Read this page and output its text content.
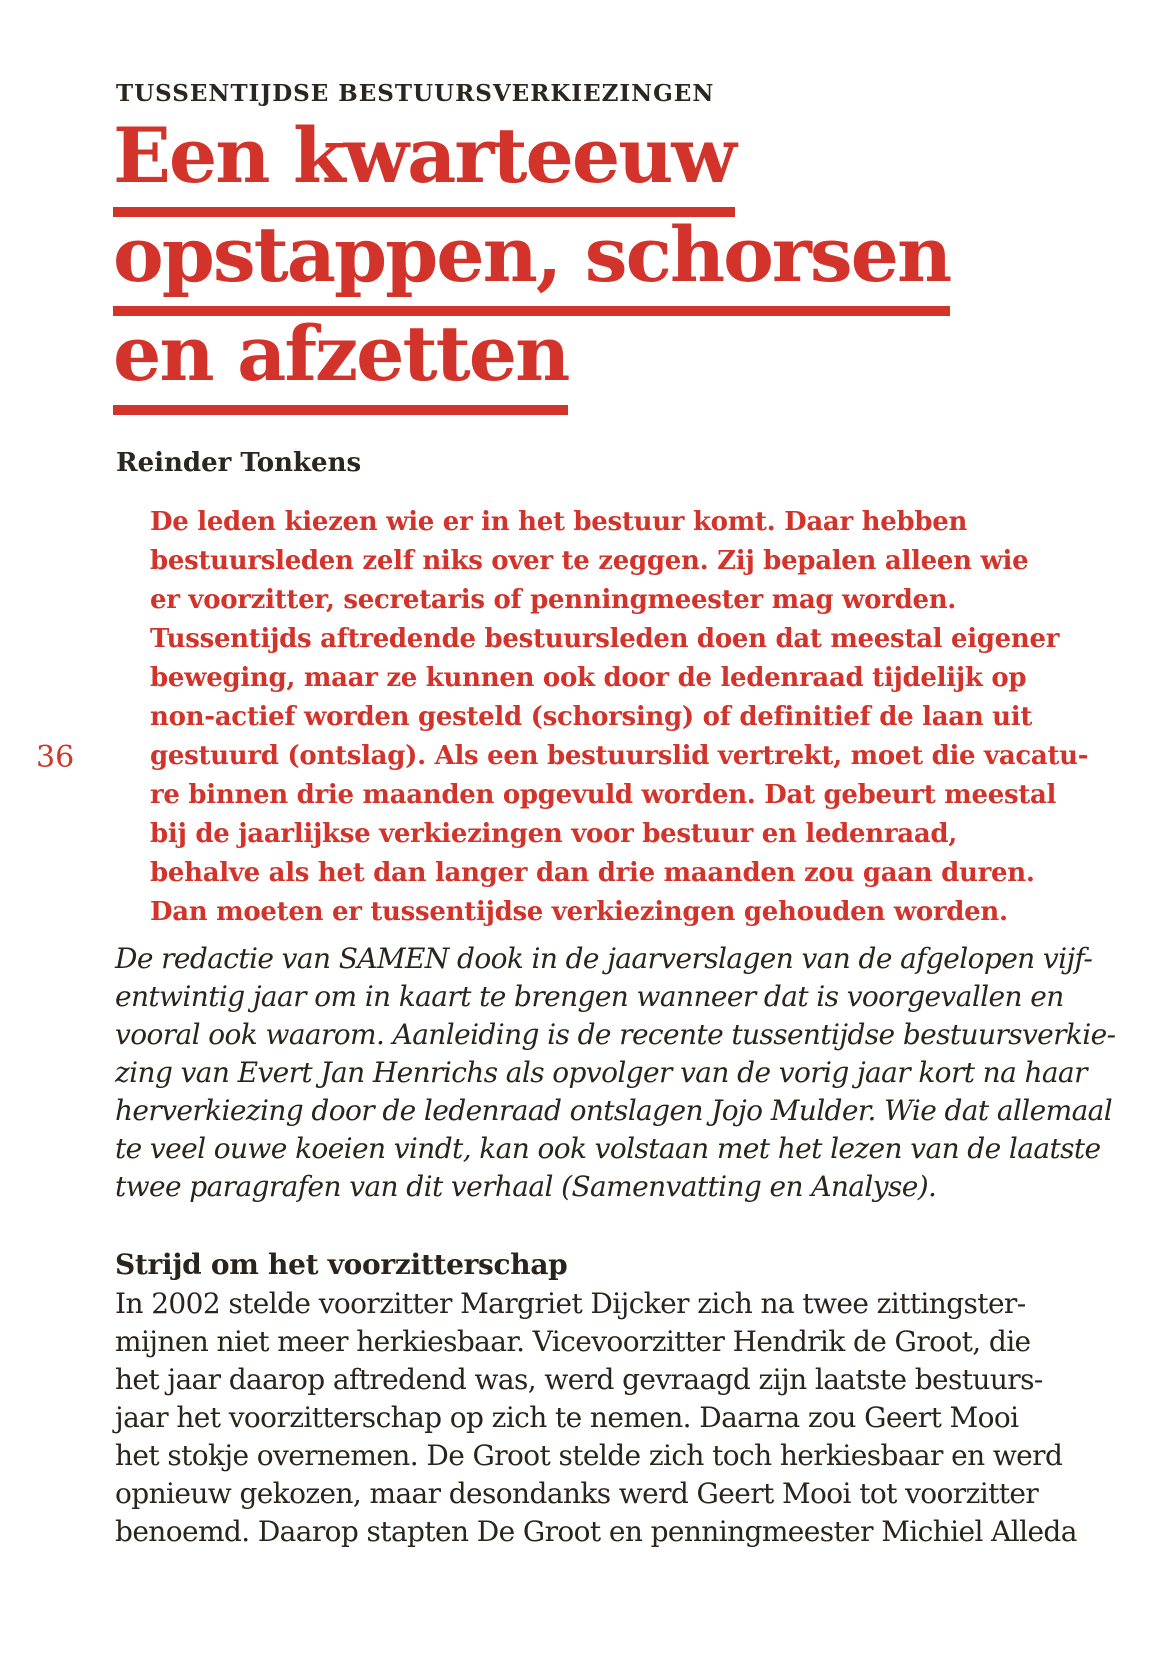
36
TUSSENTIJDSE BESTUURSVERKIEZINGEN
Een kwarteeuw
opstappen, schorsen
en afzetten
Reinder Tonkens
De leden kiezen wie er in het bestuur komt. Daar hebben
bestuursleden zelf niks over te zeggen. Zij bepalen alleen wie
er voorzitter, secretaris of penningmeester mag worden.
Tussentijds aftredende bestuursleden doen dat meestal eigener
beweging, maar ze kunnen ook door de ledenraad tijdelijk op
non-actief worden gesteld (schorsing) of definitief de laan uit
gestuurd (ontslag). Als een bestuurslid vertrekt, moet die vacatu-
re binnen drie maanden opgevuld worden. Dat gebeurt meestal
bij de jaarlijkse verkiezingen voor bestuur en ledenraad,
behalve als het dan langer dan drie maanden zou gaan duren.
Dan moeten er tussentijdse verkiezingen gehouden worden.
De redactie van SAMEN dook in de jaarverslagen van de afgelopen vijf-
entwintig jaar om in kaart te brengen wanneer dat is voorgevallen en
vooral ook waarom. Aanleiding is de recente tussentijdse bestuursverkie-
zing van Evert Jan Henrichs als opvolger van de vorig jaar kort na haar
herverkiezing door de ledenraad ontslagen Jojo Mulder. Wie dat allemaal
te veel ouwe koeien vindt, kan ook volstaan met het lezen van de laatste
twee paragrafen van dit verhaal (Samenvatting en Analyse).
Strijd om het voorzitterschap
In 2002 stelde voorzitter Margriet Dijcker zich na twee zittingster-
mijnen niet meer herkiesbaar. Vicevoorzitter Hendrik de Groot, die
het jaar daarop aftredend was, werd gevraagd zijn laatste bestuurs-
jaar het voorzitterschap op zich te nemen. Daarna zou Geert Mooi
het stokje overnemen. De Groot stelde zich toch herkiesbaar en werd
opnieuw gekozen, maar desondanks werd Geert Mooi tot voorzitter
benoemd. Daarop stapten De Groot en penningmeester Michiel Alleda
